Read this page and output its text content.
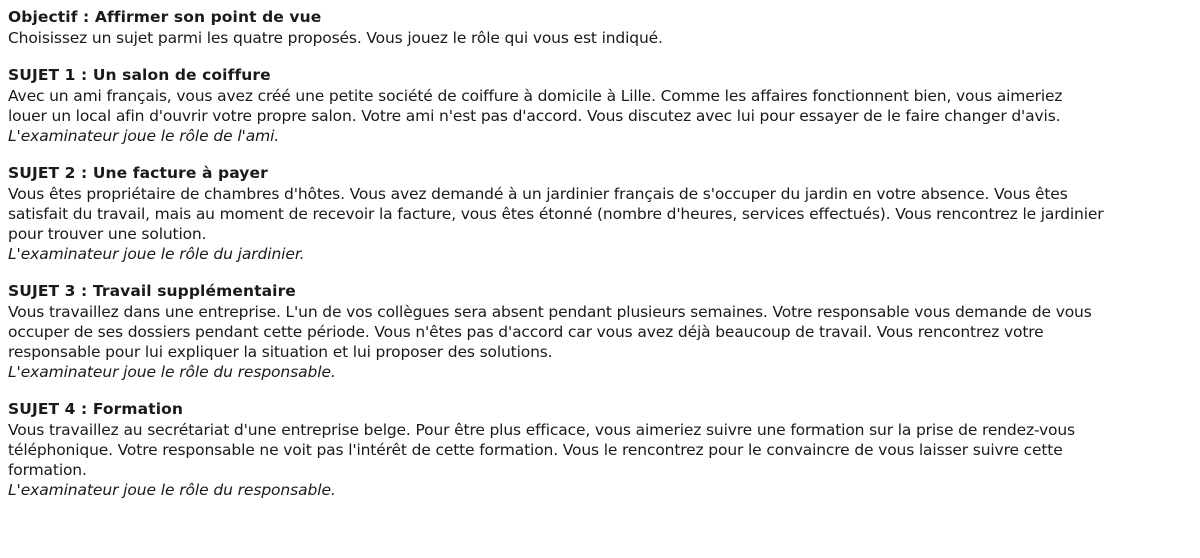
Objectif : Affirmer son point de vue

Choisissez un sujet parmi les quatre proposés. Vous jouez le rôle qui vous est indiqué.

SUJET 1 : Un salon de coiffure

Avec un ami français, vous avez créé une petite société de coiffure à domicile à Lille. Comme les affaires fonctionnent bien, vous aimeriez

louer un local afin d'ouvrir votre propre salon. Votre ami n'est pas d'accord. Vous discutez avec lui pour essayer de le faire changer d'avis.

L'examinateur joue le rôle de l'ami.

SUJET 2 : Une facture à payer

Vous êtes propriétaire de chambres d'hôtes. Vous avez demandé à un jardinier français de s'occuper du jardin en votre absence. Vous êtes

satisfait du travail, mais au moment de recevoir la facture, vous êtes étonné (nombre d'heures, services effectués). Vous rencontrez le jardinier

pour trouver une solution.

L'examinateur joue le rôle du jardinier.

SUJET 3 : Travail supplémentaire

Vous travaillez dans une entreprise. L'un de vos collègues sera absent pendant plusieurs semaines. Votre responsable vous demande de vous

occuper de ses dossiers pendant cette période. Vous n'êtes pas d'accord car vous avez déjà beaucoup de travail. Vous rencontrez votre

responsable pour lui expliquer la situation et lui proposer des solutions.

L'examinateur joue le rôle du responsable.

SUJET 4 : Formation

Vous travaillez au secrétariat d'une entreprise belge. Pour être plus efficace, vous aimeriez suivre une formation sur la prise de rendez-vous

téléphonique. Votre responsable ne voit pas l'intérêt de cette formation. Vous le rencontrez pour le convaincre de vous laisser suivre cette

formation.

L'examinateur joue le rôle du responsable.
